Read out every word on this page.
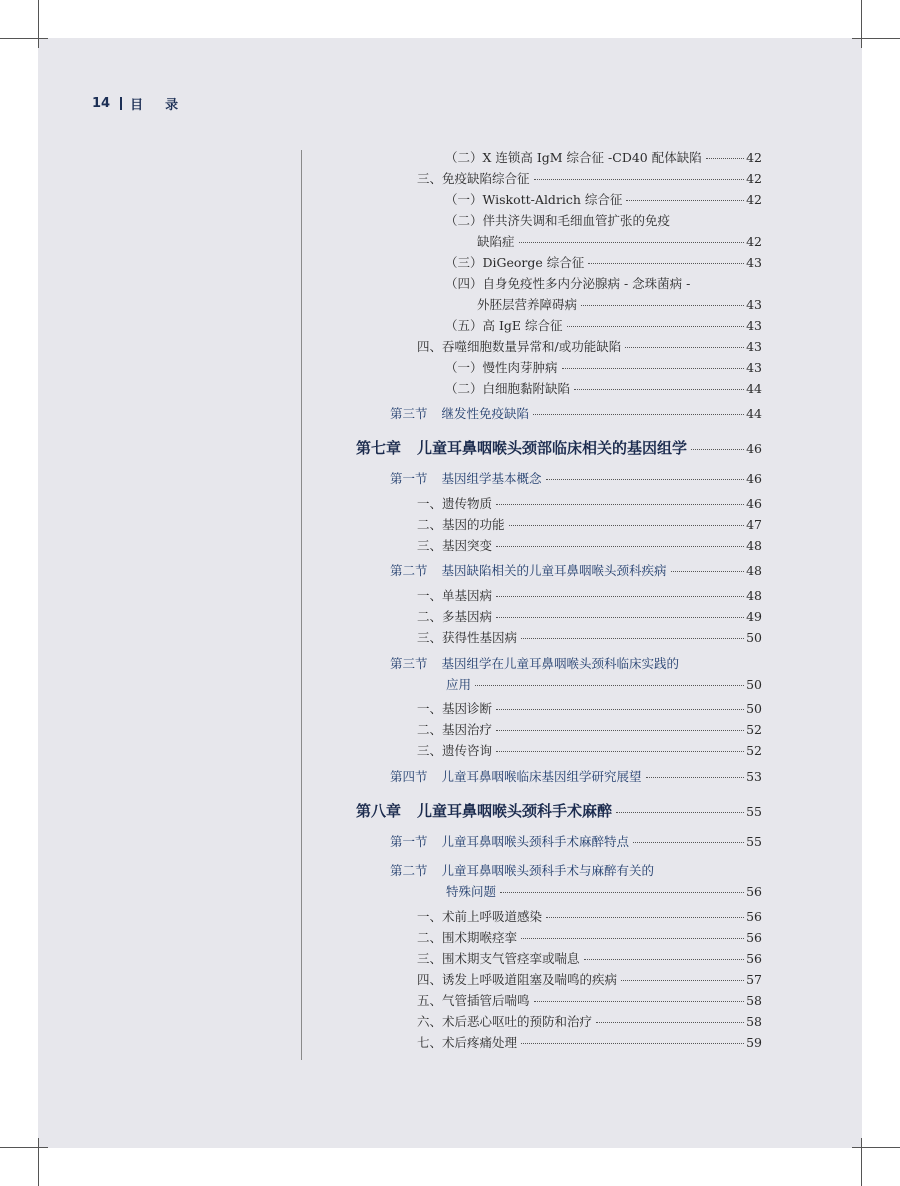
14 目录
（二）X 连锁高 IgM 综合征 -CD40 配体缺陷	42
三、免疫缺陷综合征	42
（一）Wiskott-Aldrich 综合征	42
（二）伴共济失调和毛细血管扩张的免疫
缺陷症	42
（三）DiGeorge 综合征	43
（四）自身免疫性多内分泌腺病 - 念珠菌病 -
外胚层营养障碍病	43
（五）高 IgE 综合征	43
四、吞噬细胞数量异常和/或功能缺陷	43
（一）慢性肉芽肿病	43
（二）白细胞黏附缺陷	44
第三节 继发性免疫缺陷	44
第七章 儿童耳鼻咽喉头颈部临床相关的基因组学	46
第一节 基因组学基本概念	46
一、遗传物质	46
二、基因的功能	47
三、基因突变	48
第二节 基因缺陷相关的儿童耳鼻咽喉头颈科疾病	48
一、单基因病	48
二、多基因病	49
三、获得性基因病	50
第三节 基因组学在儿童耳鼻咽喉头颈科临床实践的
应用	50
一、基因诊断	50
二、基因治疗	52
三、遗传咨询	52
第四节 儿童耳鼻咽喉临床基因组学研究展望	53
第八章 儿童耳鼻咽喉头颈科手术麻醉	55
第一节 儿童耳鼻咽喉头颈科手术麻醉特点	55
第二节 儿童耳鼻咽喉头颈科手术与麻醉有关的
特殊问题	56
一、术前上呼吸道感染	56
二、围术期喉痉挛	56
三、围术期支气管痉挛或喘息	56
四、诱发上呼吸道阻塞及喘鸣的疾病	57
五、气管插管后喘鸣	58
六、术后恶心呕吐的预防和治疗	58
七、术后疼痛处理	59
